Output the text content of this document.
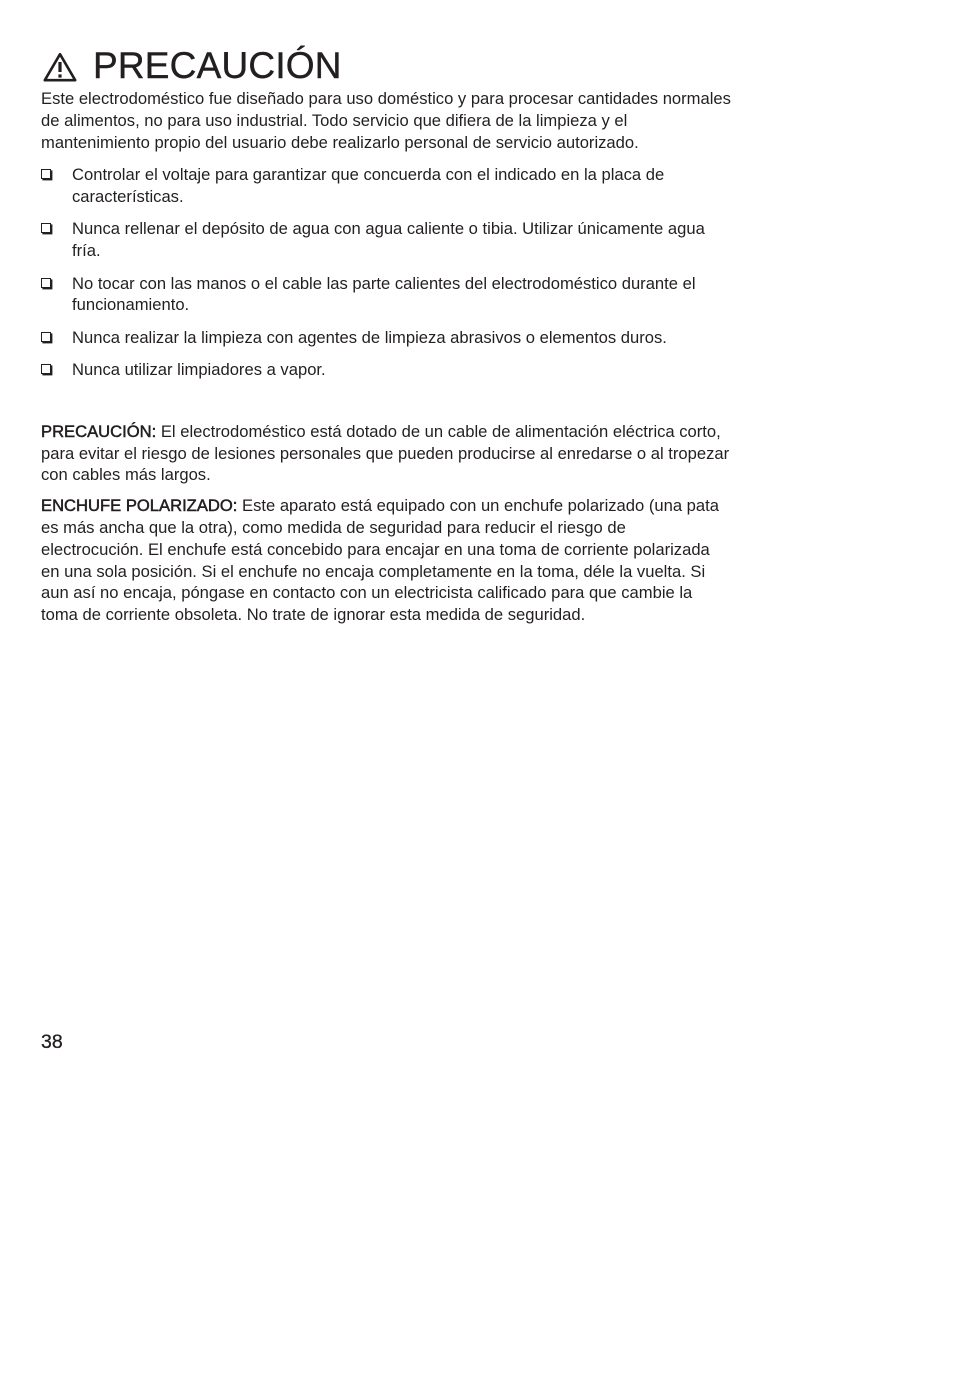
PRECAUCIÓN

Este electrodoméstico fue diseñado para uso doméstico y para procesar cantidades normales de alimentos, no para uso industrial. Todo servicio que difiera de la limpieza y el mantenimiento propio del usuario debe realizarlo personal de servicio autorizado.

Controlar el voltaje para garantizar que concuerda con el indicado en la placa de características.
Nunca rellenar el depósito de agua con agua caliente o tibia. Utilizar únicamente agua fría.
No tocar con las manos o el cable las parte calientes del electrodoméstico durante el funcionamiento.
Nunca realizar la limpieza con agentes de limpieza abrasivos o elementos duros.
Nunca utilizar limpiadores a vapor.

PRECAUCIÓN: El electrodoméstico está dotado de un cable de alimentación eléctrica corto, para evitar el riesgo de lesiones personales que pueden producirse al enredarse o al tropezar con cables más largos.

ENCHUFE POLARIZADO: Este aparato está equipado con un enchufe polarizado (una pata es más ancha que la otra), como medida de seguridad para reducir el riesgo de electrocución. El enchufe está concebido para encajar en una toma de corriente polarizada en una sola posición. Si el enchufe no encaja completamente en la toma, déle la vuelta. Si aun así no encaja, póngase en contacto con un electricista calificado para que cambie la toma de corriente obsoleta. No trate de ignorar esta medida de seguridad.

38
